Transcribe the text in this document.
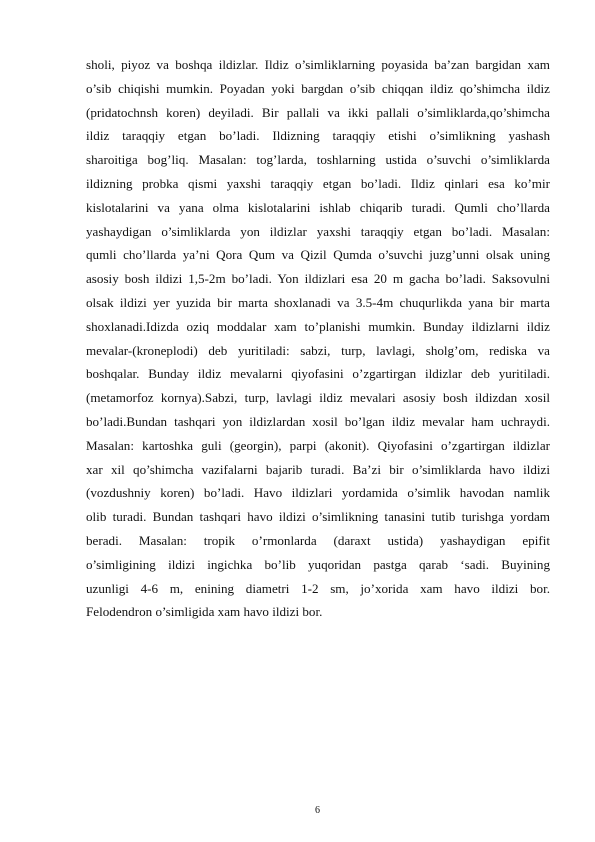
sholi, piyoz va boshqa ildizlar. Ildiz o’simliklarning poyasida ba’zan bargidan xam
o’sib chiqishi mumkin. Poyadan yoki bargdan o’sib chiqqan ildiz qo’shimcha ildiz
(pridatochnsh koren) deyiladi. Bir pallali va ikki pallali o’simliklarda,qo’shimcha
ildiz taraqqiy etgan bo’ladi. Ildizning taraqqiy etishi o’simlikning yashash
sharoitiga bog’liq. Masalan: tog’larda, toshlarning ustida o’suvchi o’simliklarda
ildizning probka qismi yaxshi taraqqiy etgan bo’ladi. Ildiz qinlari esa ko’mir
kislotalarini va yana olma kislotalarini ishlab chiqarib turadi. Qumli cho’llarda
yashaydigan o’simliklarda yon ildizlar yaxshi taraqqiy etgan bo’ladi. Masalan:
qumli cho’llarda ya’ni Qora Qum va Qizil Qumda o’suvchi juzg’unni olsak uning
asosiy bosh ildizi 1,5-2m bo’ladi. Yon ildizlari esa 20 m gacha bo’ladi. Saksovulni
olsak ildizi yer yuzida bir marta shoxlanadi va 3.5-4m chuqurlikda yana bir marta
shoxlanadi.Idizda oziq moddalar xam to’planishi mumkin. Bunday ildizlarni ildiz
mevalar-(kroneplodi) deb yuritiladi: sabzi, turp, lavlagi, sholg’om, rediska va
boshqalar. Bunday ildiz mevalarni qiyofasini o’zgartirgan ildizlar deb yuritiladi.
(metamorfoz kornya).Sabzi, turp, lavlagi ildiz mevalari asosiy bosh ildizdan xosil
bo’ladi.Bundan tashqari yon ildizlardan xosil bo’lgan ildiz mevalar ham uchraydi.
Masalan: kartoshka guli (georgin), parpi (akonit). Qiyofasini o’zgartirgan ildizlar
xar xil qo’shimcha vazifalarni bajarib turadi. Ba’zi bir o’simliklarda havo ildizi
(vozdushniy koren) bo’ladi. Havo ildizlari yordamida o’simlik havodan namlik
olib turadi. Bundan tashqari havo ildizi o’simlikning tanasini tutib turishga yordam
beradi. Masalan: tropik o’rmonlarda (daraxt ustida) yashaydigan epifit
o’simligining ildizi ingichka bo’lib yuqoridan pastga qarab ‘sadi. Buyining
uzunligi 4-6 m, enining diametri 1-2 sm, jo’xorida xam havo ildizi bor.
Felodendron o’simligida xam havo ildizi bor.
6
